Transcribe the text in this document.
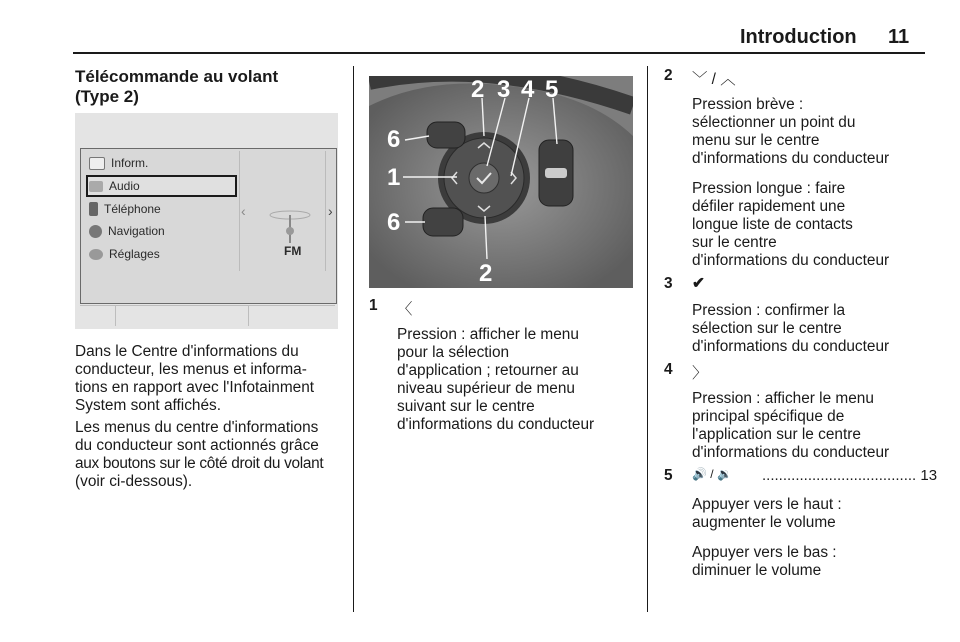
Introduction 11
Télécommande au volant
(Type 2)
Inform.
Audio
Téléphone
Navigation
Réglages
‹	›
FM
Dans le Centre d'informations du
conducteur, les menus et informa-
tions en rapport avec l'Infotainment
System sont affichés.
Les menus du centre d'informations
du conducteur sont actionnés grâce
aux boutons sur le côté droit du volant
(voir ci-dessous).
2 3 4 5
6
1
6
2
1 〈
Pression : afficher le menu
pour la sélection
d'application ; retourner au
niveau supérieur de menu
suivant sur le centre
d'informations du conducteur
2 ﹀ / ︿
Pression brève :
sélectionner un point du
menu sur le centre
d'informations du conducteur
Pression longue : faire
défiler rapidement une
longue liste de contacts
sur le centre
d'informations du conducteur
3 ✔
Pression : confirmer la
sélection sur le centre
d'informations du conducteur
4 〉
Pression : afficher le menu
principal spécifique de
l'application sur le centre
d'informations du conducteur
5 🔊 / 🔉 ..................................... 13
Appuyer vers le haut :
augmenter le volume
Appuyer vers le bas :
diminuer le volume
